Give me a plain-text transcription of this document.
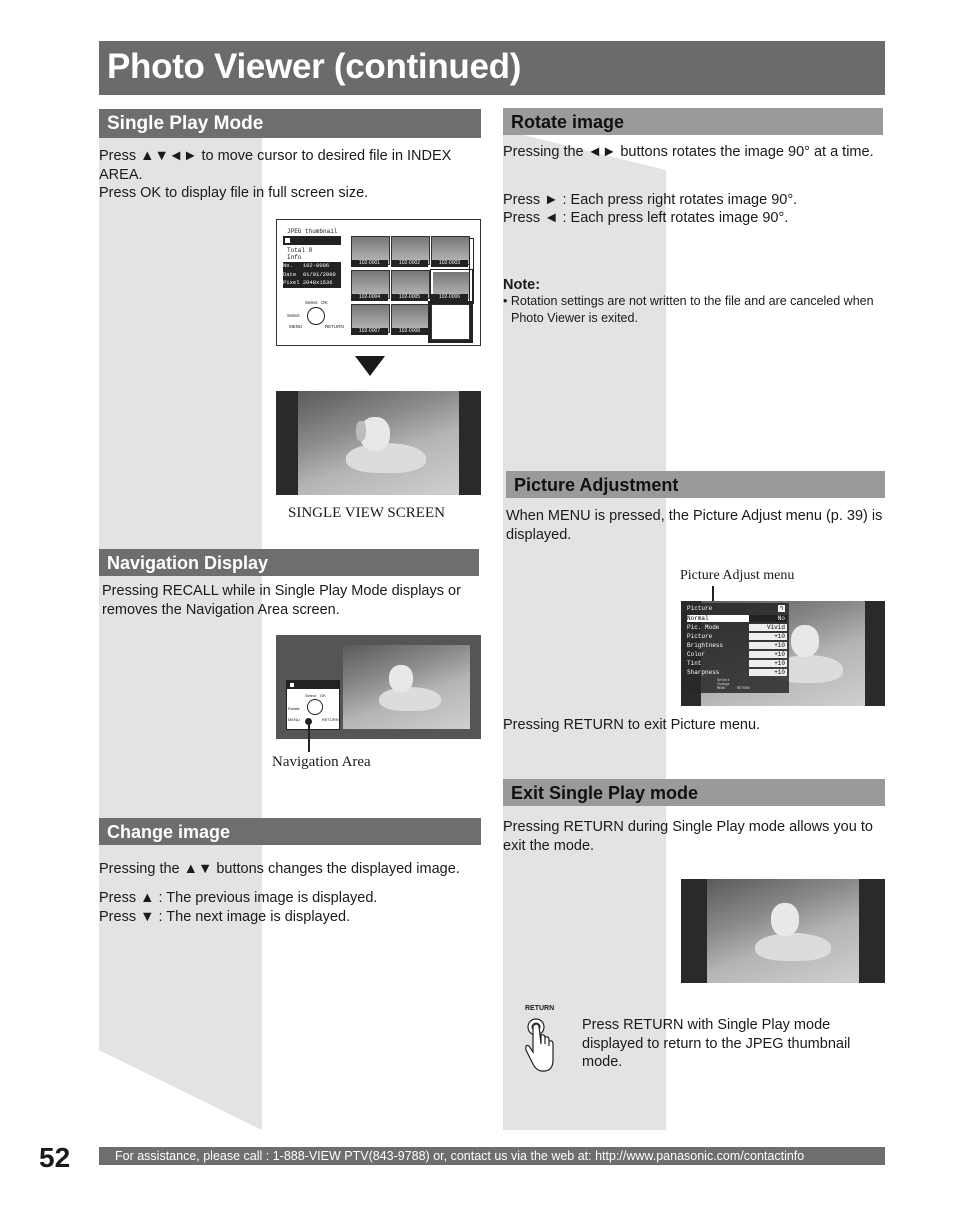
Photo Viewer (continued)
Single Play Mode
Press ▲▼◄► to move cursor to desired file in INDEX AREA.
Press OK to display file in full screen size.
JPEG thumbnail
Total 8
Info
No. 102-0006
Date 01/01/2000
Pixel 2048x1536
Select OK
Select
MENU	RETURN
102-0001	102-0002	102-0003
102-0004	102-0005	102-0006
102-0007	102-0008
SINGLE VIEW SCREEN
Navigation Display
Pressing RECALL while in Single Play Mode displays or removes the Navigation Area screen.
Select OK
Rotate
MENU	RETURN
Navigation Area
Change image
Pressing the ▲▼ buttons changes the displayed image.
Press ▲ : The previous image is displayed.
Press ▼ : The next image is displayed.
Rotate image
Pressing the ◄► buttons rotates the image 90° at a time.
Press ► : Each press right rotates image 90°.
Press ◄ : Each press left rotates image 90°.
Note:
• Rotation settings are not written to the file and are canceled when Photo Viewer is exited.
Picture Adjustment
When MENU is pressed, the Picture Adjust menu (p. 39) is displayed.
Picture Adjust menu
Picture	↰
Normal	No
Pic. Mode	Vivid
Picture	+10
Brightness	+10
Color	+10
Tint	+10
Sharpness	+10
Select
Change
MENU	RETURN
Pressing RETURN to exit Picture menu.
Exit Single Play mode
Pressing RETURN during Single Play mode allows you to exit the mode.
RETURN
Press RETURN with Single Play mode displayed to return to the JPEG thumbnail mode.
52	For assistance, please call : 1-888-VIEW PTV(843-9788) or, contact us via the web at: http://www.panasonic.com/contactinfo
